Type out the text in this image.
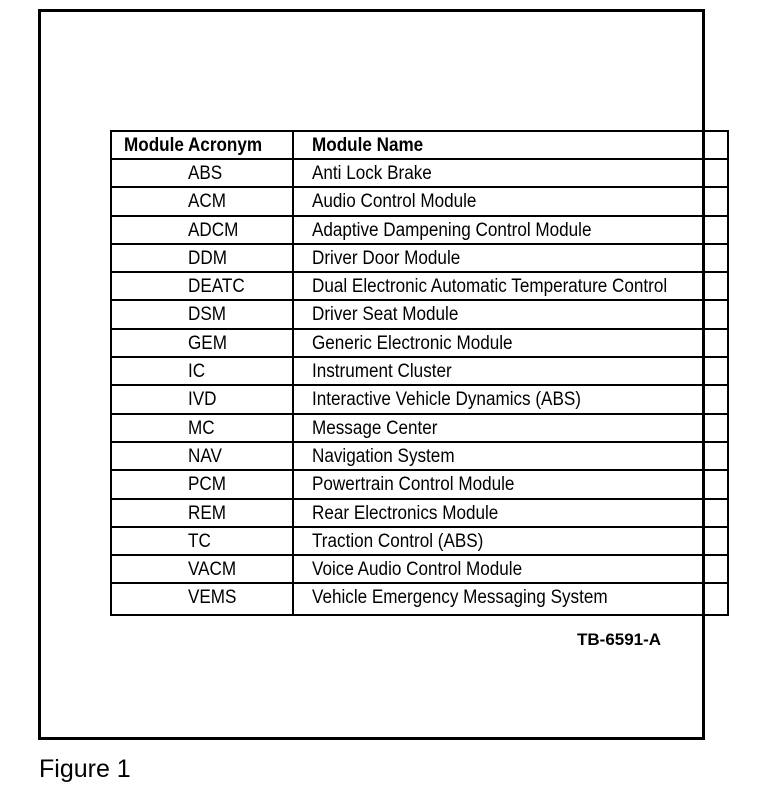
Module Acronym	Module Name
ABS	Anti Lock Brake
ACM	Audio Control Module
ADCM	Adaptive Dampening Control Module
DDM	Driver Door Module
DEATC	Dual Electronic Automatic Temperature Control
DSM	Driver Seat Module
GEM	Generic Electronic Module
IC	Instrument Cluster
IVD	Interactive Vehicle Dynamics (ABS)
MC	Message Center
NAV	Navigation System
PCM	Powertrain Control Module
REM	Rear Electronics Module
TC	Traction Control (ABS)
VACM	Voice Audio Control Module
VEMS	Vehicle Emergency Messaging System
TB-6591-A
Figure 1
